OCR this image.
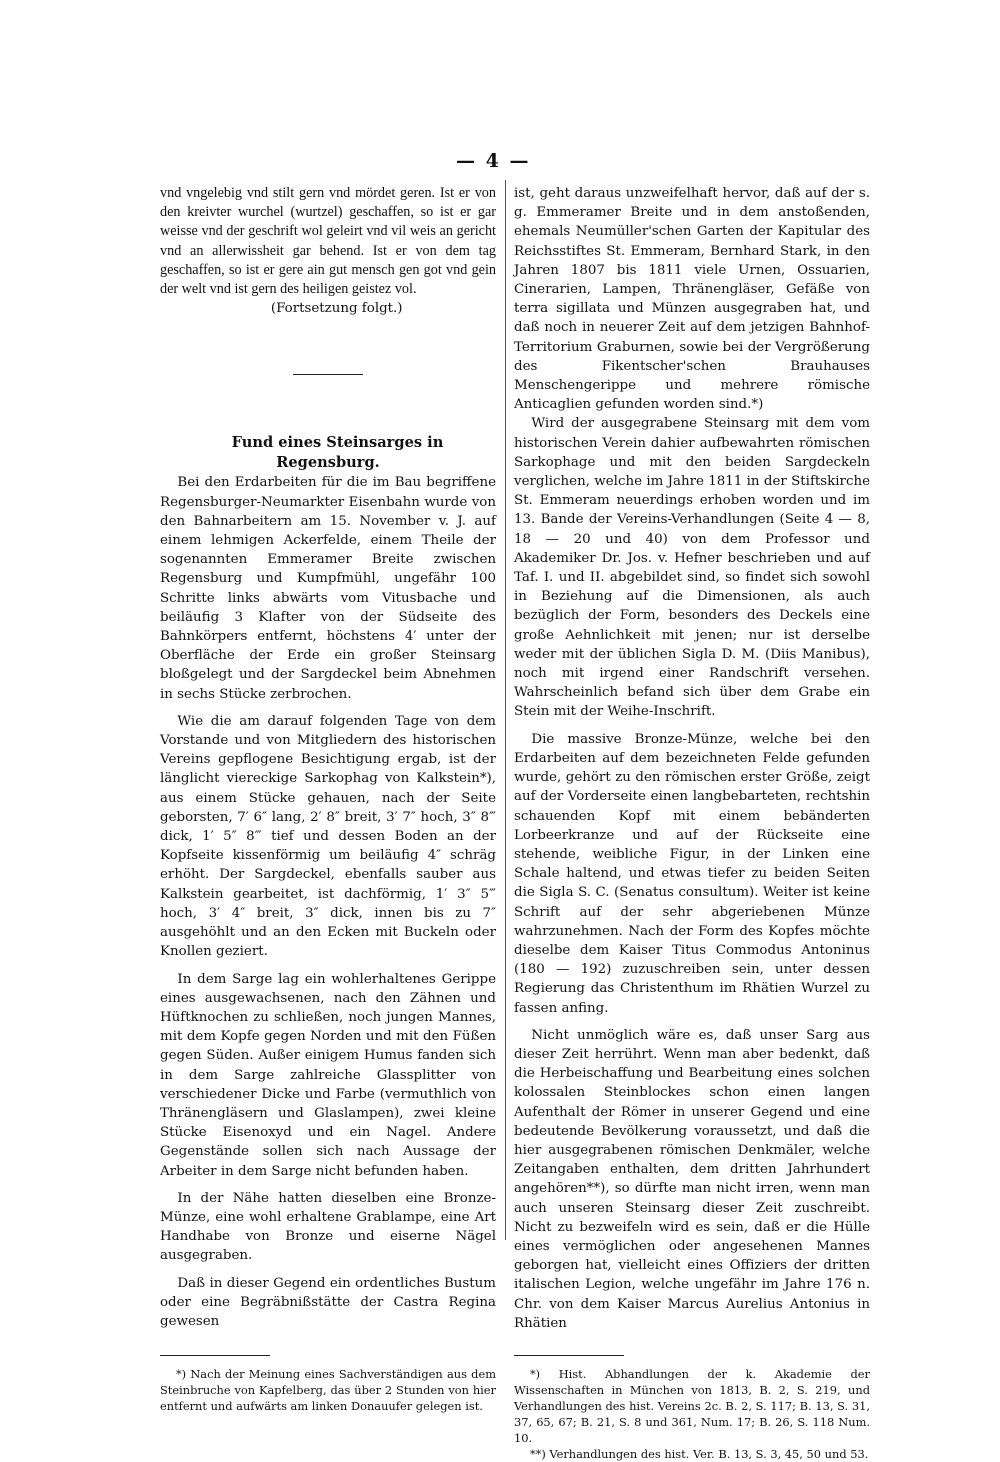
— 4 —

vnd vngelebig vnd stilt gern vnd mördet geren. Ist er von den kreivter wurchel (wurtzel) geschaffen, so ist er gar weisse vnd der geschrift wol geleirt vnd vil weis an gericht vnd an allerwissheit gar behend. Ist er von dem tag geschaffen, so ist er gere ain gut mensch gen got vnd gein der welt vnd ist gern des heiligen geistez vol.

(Fortsetzung folgt.)

Fund eines Steinsarges in Regensburg.

Bei den Erdarbeiten für die im Bau begriffene Regensburger-Neumarkter Eisenbahn wurde von den Bahnarbeitern am 15. November v. J. auf einem lehmigen Ackerfelde, einem Theile der sogenannten Emmeramer Breite zwischen Regensburg und Kumpfmühl, ungefähr 100 Schritte links abwärts vom Vitusbache und beiläufig 3 Klafter von der Südseite des Bahnkörpers entfernt, höchstens 4′ unter der Oberfläche der Erde ein großer Steinsarg bloßgelegt und der Sargdeckel beim Abnehmen in sechs Stücke zerbrochen.

Wie die am darauf folgenden Tage von dem Vorstande und von Mitgliedern des historischen Vereins gepflogene Besichtigung ergab, ist der länglicht viereckige Sarkophag von Kalkstein*), aus einem Stücke gehauen, nach der Seite geborsten, 7′ 6″ lang, 2′ 8″ breit, 3′ 7″ hoch, 3″ 8‴ dick, 1′ 5″ 8‴ tief und dessen Boden an der Kopfseite kissenförmig um beiläufig 4″ schräg erhöht. Der Sargdeckel, ebenfalls sauber aus Kalkstein gearbeitet, ist dachförmig, 1′ 3″ 5‴ hoch, 3′ 4″ breit, 3″ dick, innen bis zu 7″ ausgehöhlt und an den Ecken mit Buckeln oder Knollen geziert.

In dem Sarge lag ein wohlerhaltenes Gerippe eines ausgewachsenen, nach den Zähnen und Hüftknochen zu schließen, noch jungen Mannes, mit dem Kopfe gegen Norden und mit den Füßen gegen Süden. Außer einigem Humus fanden sich in dem Sarge zahlreiche Glassplitter von verschiedener Dicke und Farbe (vermuthlich von Thränengläsern und Glaslampen), zwei kleine Stücke Eisenoxyd und ein Nagel. Andere Gegenstände sollen sich nach Aussage der Arbeiter in dem Sarge nicht befunden haben.

In der Nähe hatten dieselben eine Bronze-Münze, eine wohl erhaltene Grablampe, eine Art Handhabe von Bronze und eiserne Nägel ausgegraben.

Daß in dieser Gegend ein ordentliches Bustum oder eine Begräbnißstätte der Castra Regina gewesen

*) Nach der Meinung eines Sachverständigen aus dem Steinbruche von Kapfelberg, das über 2 Stunden von hier entfernt und aufwärts am linken Donauufer gelegen ist.

ist, geht daraus unzweifelhaft hervor, daß auf der s. g. Emmeramer Breite und in dem anstoßenden, ehemals Neumüller'schen Garten der Kapitular des Reichsstiftes St. Emmeram, Bernhard Stark, in den Jahren 1807 bis 1811 viele Urnen, Ossuarien, Cinerarien, Lampen, Thränengläser, Gefäße von terra sigillata und Münzen ausgegraben hat, und daß noch in neuerer Zeit auf dem jetzigen Bahnhof-Territorium Graburnen, sowie bei der Vergrößerung des Fikentscher'schen Brauhauses Menschengerippe und mehrere römische Anticaglien gefunden worden sind.*)

Wird der ausgegrabene Steinsarg mit dem vom historischen Verein dahier aufbewahrten römischen Sarkophage und mit den beiden Sargdeckeln verglichen, welche im Jahre 1811 in der Stiftskirche St. Emmeram neuerdings erhoben worden und im 13. Bande der Vereins-Verhandlungen (Seite 4 — 8, 18 — 20 und 40) von dem Professor und Akademiker Dr. Jos. v. Hefner beschrieben und auf Taf. I. und II. abgebildet sind, so findet sich sowohl in Beziehung auf die Dimensionen, als auch bezüglich der Form, besonders des Deckels eine große Aehnlichkeit mit jenen; nur ist derselbe weder mit der üblichen Sigla D. M. (Diis Manibus), noch mit irgend einer Randschrift versehen. Wahrscheinlich befand sich über dem Grabe ein Stein mit der Weihe-Inschrift.

Die massive Bronze-Münze, welche bei den Erdarbeiten auf dem bezeichneten Felde gefunden wurde, gehört zu den römischen erster Größe, zeigt auf der Vorderseite einen langbebarteten, rechtshin schauenden Kopf mit einem bebänderten Lorbeerkranze und auf der Rückseite eine stehende, weibliche Figur, in der Linken eine Schale haltend, und etwas tiefer zu beiden Seiten die Sigla S. C. (Senatus consultum). Weiter ist keine Schrift auf der sehr abgeriebenen Münze wahrzunehmen. Nach der Form des Kopfes möchte dieselbe dem Kaiser Titus Commodus Antoninus (180 — 192) zuzuschreiben sein, unter dessen Regierung das Christenthum im Rhätien Wurzel zu fassen anfing.

Nicht unmöglich wäre es, daß unser Sarg aus dieser Zeit herrührt. Wenn man aber bedenkt, daß die Herbeischaffung und Bearbeitung eines solchen kolossalen Steinblockes schon einen langen Aufenthalt der Römer in unserer Gegend und eine bedeutende Bevölkerung voraussetzt, und daß die hier ausgegrabenen römischen Denkmäler, welche Zeitangaben enthalten, dem dritten Jahrhundert angehören**), so dürfte man nicht irren, wenn man auch unseren Steinsarg dieser Zeit zuschreibt. Nicht zu bezweifeln wird es sein, daß er die Hülle eines vermöglichen oder angesehenen Mannes geborgen hat, vielleicht eines Offiziers der dritten italischen Legion, welche ungefähr im Jahre 176 n. Chr. von dem Kaiser Marcus Aurelius Antonius in Rhätien

*) Hist. Abhandlungen der k. Akademie der Wissenschaften in München von 1813, B. 2, S. 219, und Verhandlungen des hist. Vereins 2c. B. 2, S. 117; B. 13, S. 31, 37, 65, 67; B. 21, S. 8 und 361, Num. 17; B. 26, S. 118 Num. 10.

**) Verhandlungen des hist. Ver. B. 13, S. 3, 45, 50 und 53.
